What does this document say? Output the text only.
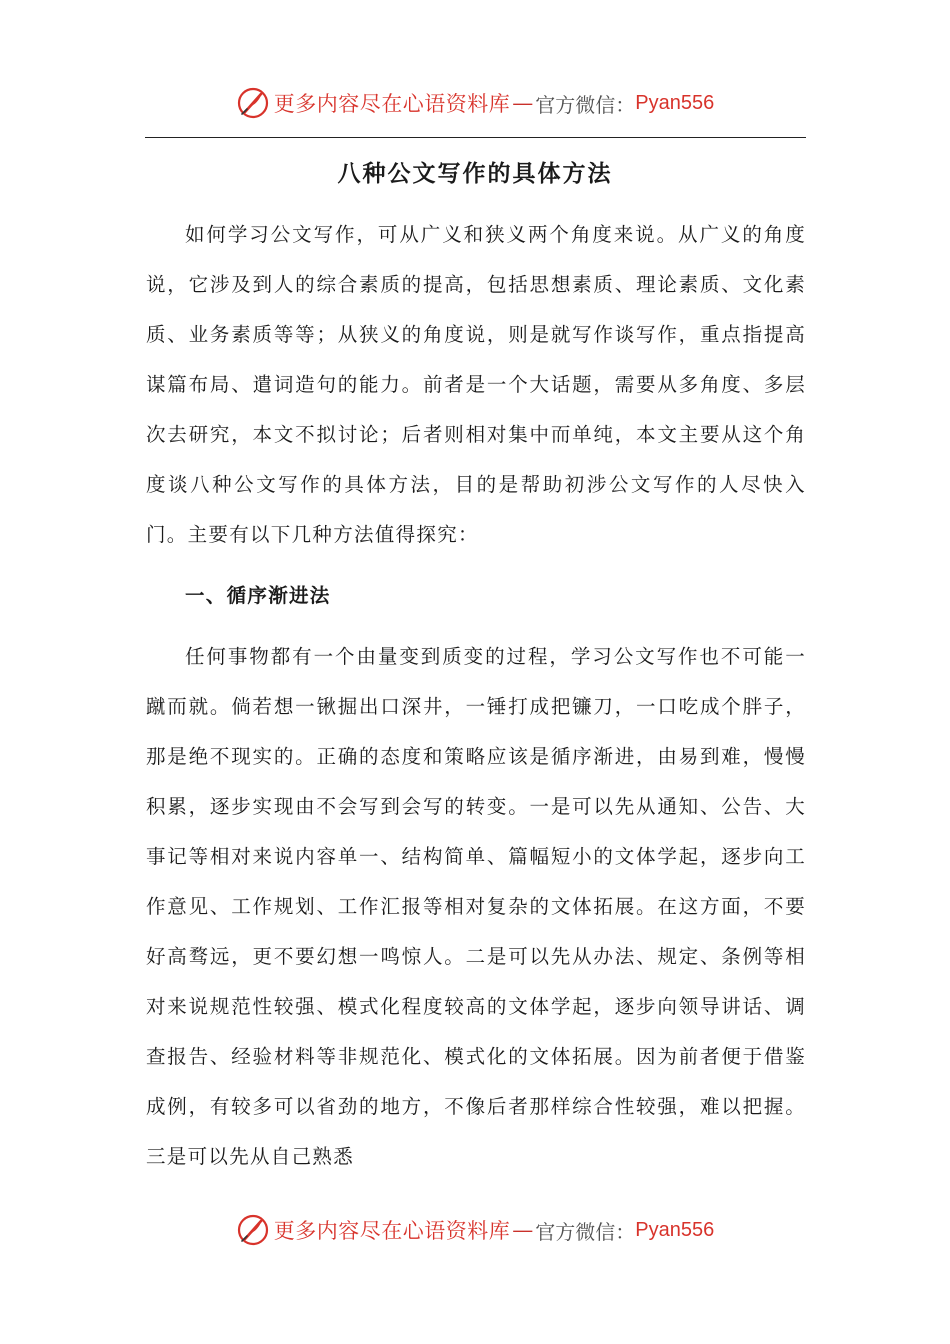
更多内容尽在心语资料库 — 官方微信： Pyan556
八种公文写作的具体方法

如何学习公文写作，可从广义和狭义两个角度来说。从广义的角度说，它涉及到人的综合素质的提高，包括思想素质、理论素质、文化素质、业务素质等等；从狭义的角度说，则是就写作谈写作，重点指提高谋篇布局、遣词造句的能力。前者是一个大话题，需要从多角度、多层次去研究，本文不拟讨论；后者则相对集中而单纯，本文主要从这个角度谈八种公文写作的具体方法，目的是帮助初涉公文写作的人尽快入门。主要有以下几种方法值得探究：

一、循序渐进法

任何事物都有一个由量变到质变的过程，学习公文写作也不可能一蹴而就。倘若想一锹掘出口深井，一锤打成把镰刀，一口吃成个胖子，那是绝不现实的。正确的态度和策略应该是循序渐进，由易到难，慢慢积累，逐步实现由不会写到会写的转变。一是可以先从通知、公告、大事记等相对来说内容单一、结构简单、篇幅短小的文体学起，逐步向工作意见、工作规划、工作汇报等相对复杂的文体拓展。在这方面，不要好高骛远，更不要幻想一鸣惊人。二是可以先从办法、规定、条例等相对来说规范性较强、模式化程度较高的文体学起，逐步向领导讲话、调查报告、经验材料等非规范化、模式化的文体拓展。因为前者便于借鉴成例，有较多可以省劲的地方，不像后者那样综合性较强，难以把握。三是可以先从自己熟悉

更多内容尽在心语资料库 — 官方微信： Pyan556
